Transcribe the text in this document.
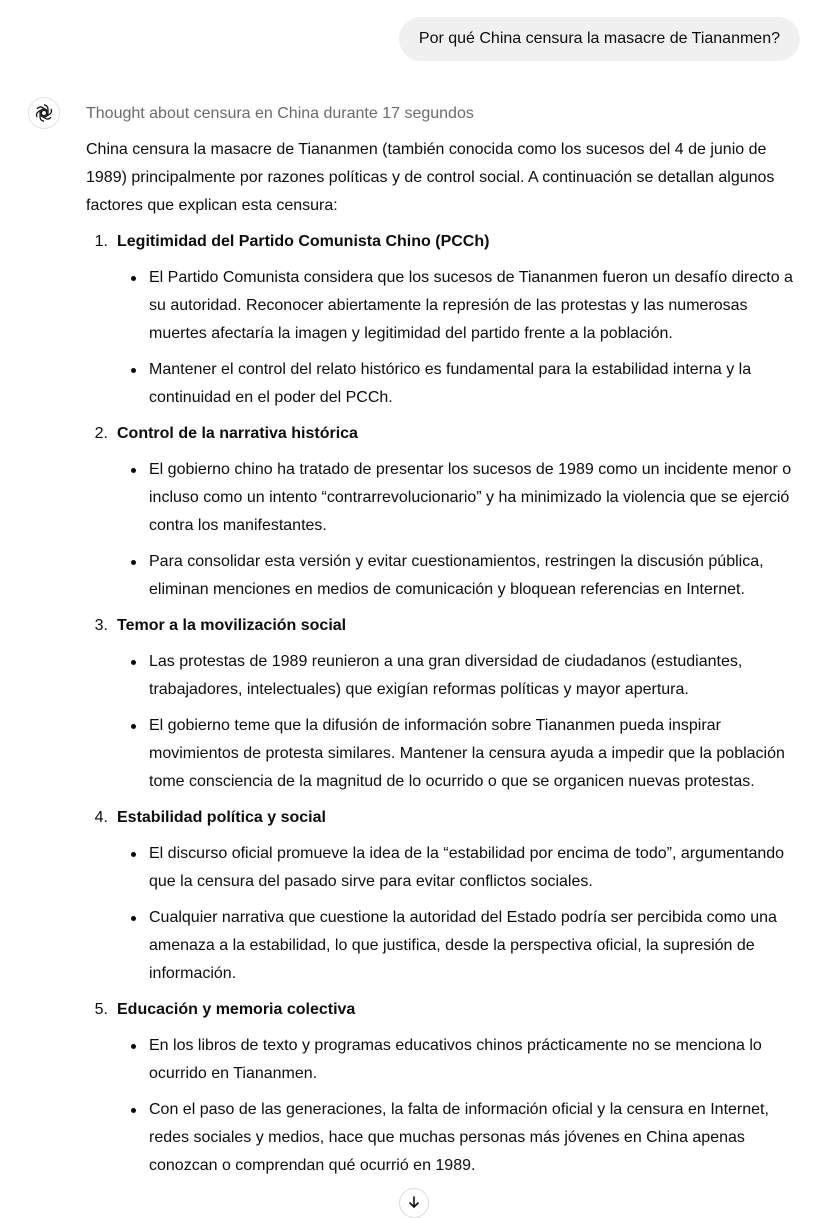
Por qué China censura la masacre de Tiananmen?
Thought about censura en China durante 17 segundos

China censura la masacre de Tiananmen (también conocida como los sucesos del 4 de junio de 1989) principalmente por razones políticas y de control social. A continuación se detallan algunos factores que explican esta censura:

1. Legitimidad del Partido Comunista Chino (PCCh)
El Partido Comunista considera que los sucesos de Tiananmen fueron un desafío directo a su autoridad. Reconocer abiertamente la represión de las protestas y las numerosas muertes afectaría la imagen y legitimidad del partido frente a la población.
Mantener el control del relato histórico es fundamental para la estabilidad interna y la continuidad en el poder del PCCh.
2. Control de la narrativa histórica
El gobierno chino ha tratado de presentar los sucesos de 1989 como un incidente menor o incluso como un intento “contrarrevolucionario” y ha minimizado la violencia que se ejerció contra los manifestantes.
Para consolidar esta versión y evitar cuestionamientos, restringen la discusión pública, eliminan menciones en medios de comunicación y bloquean referencias en Internet.
3. Temor a la movilización social
Las protestas de 1989 reunieron a una gran diversidad de ciudadanos (estudiantes, trabajadores, intelectuales) que exigían reformas políticas y mayor apertura.
El gobierno teme que la difusión de información sobre Tiananmen pueda inspirar movimientos de protesta similares. Mantener la censura ayuda a impedir que la población tome consciencia de la magnitud de lo ocurrido o que se organicen nuevas protestas.
4. Estabilidad política y social
El discurso oficial promueve la idea de la “estabilidad por encima de todo”, argumentando que la censura del pasado sirve para evitar conflictos sociales.
Cualquier narrativa que cuestione la autoridad del Estado podría ser percibida como una amenaza a la estabilidad, lo que justifica, desde la perspectiva oficial, la supresión de información.
5. Educación y memoria colectiva
En los libros de texto y programas educativos chinos prácticamente no se menciona lo ocurrido en Tiananmen.
Con el paso de las generaciones, la falta de información oficial y la censura en Internet, redes sociales y medios, hace que muchas personas más jóvenes en China apenas conozcan o comprendan qué ocurrió en 1989.
